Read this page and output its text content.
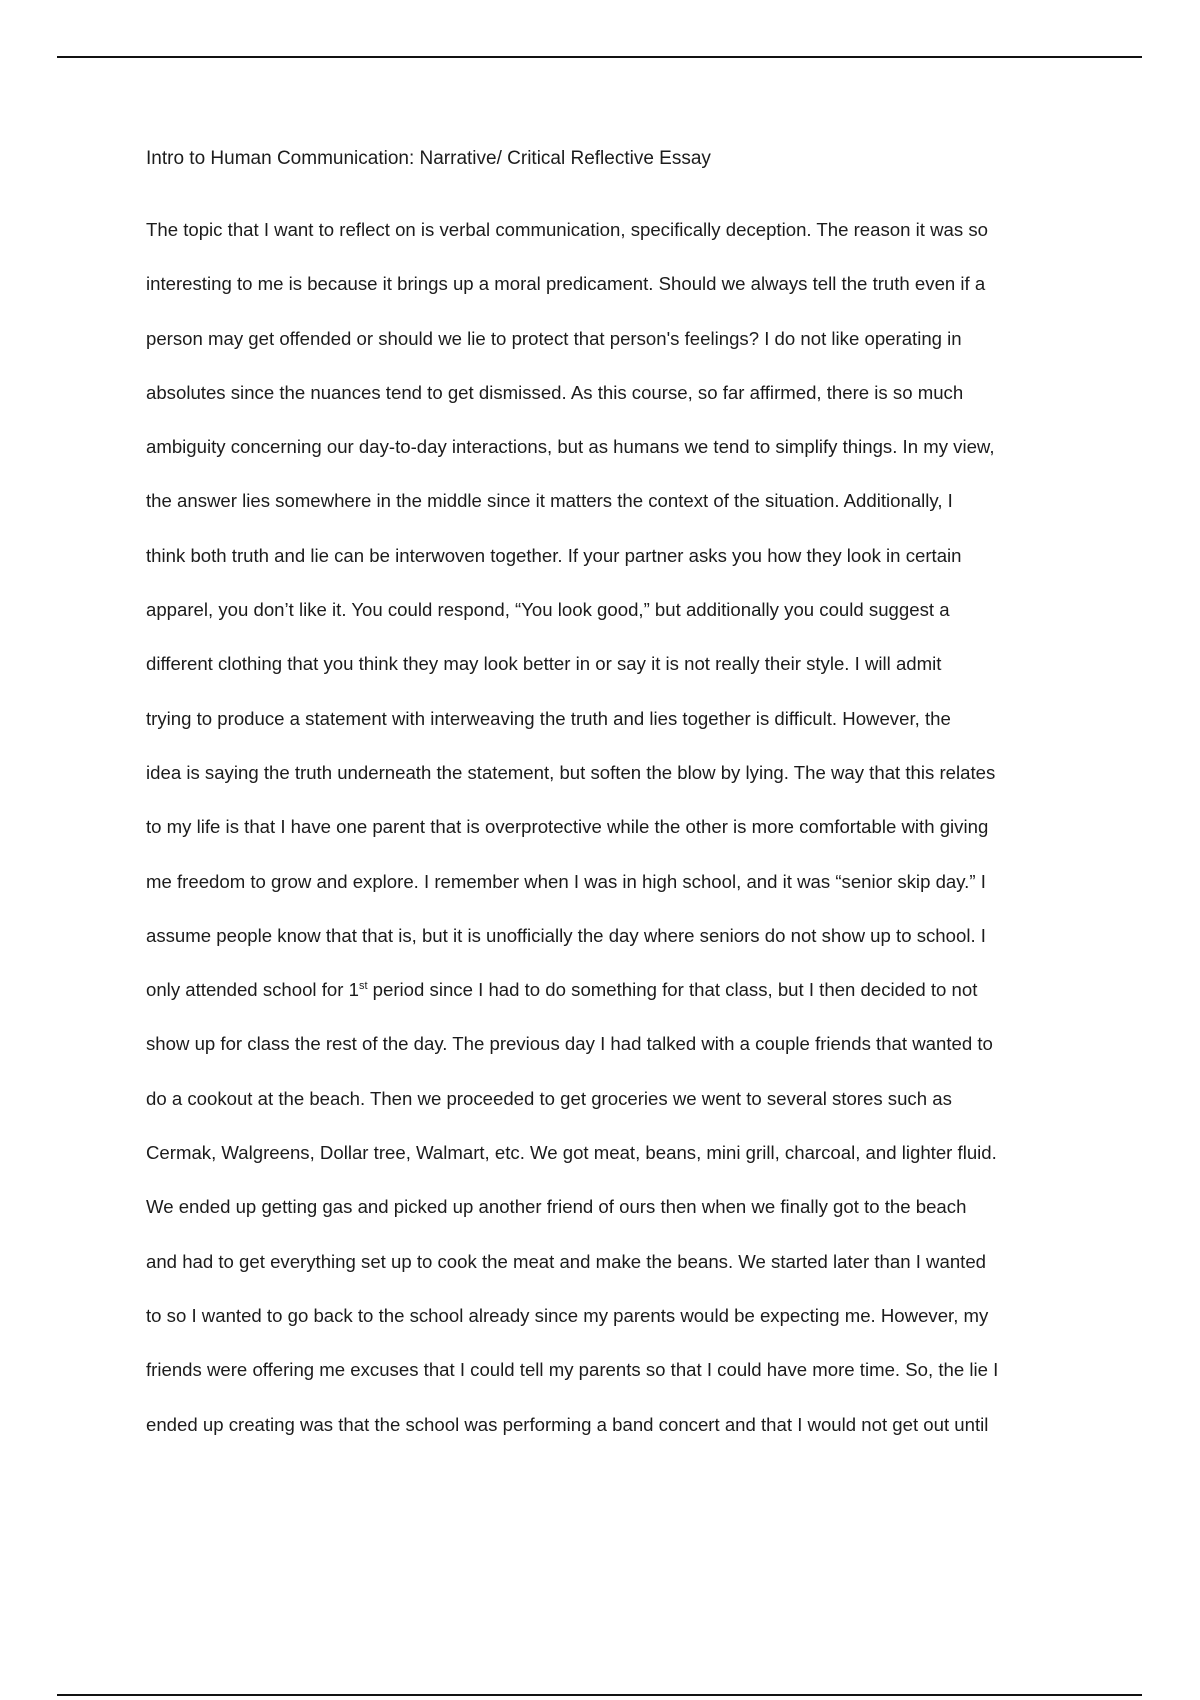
Intro to Human Communication: Narrative/ Critical Reflective Essay
The topic that I want to reflect on is verbal communication, specifically deception. The reason it was so
interesting to me is because it brings up a moral predicament. Should we always tell the truth even if a
person may get offended or should we lie to protect that person's feelings? I do not like operating in
absolutes since the nuances tend to get dismissed. As this course, so far affirmed, there is so much
ambiguity concerning our day-to-day interactions, but as humans we tend to simplify things. In my view,
the answer lies somewhere in the middle since it matters the context of the situation. Additionally, I
think both truth and lie can be interwoven together. If your partner asks you how they look in certain
apparel, you don’t like it. You could respond, “You look good,” but additionally you could suggest a
different clothing that you think they may look better in or say it is not really their style. I will admit
trying to produce a statement with interweaving the truth and lies together is difficult. However, the
idea is saying the truth underneath the statement, but soften the blow by lying. The way that this relates
to my life is that I have one parent that is overprotective while the other is more comfortable with giving
me freedom to grow and explore. I remember when I was in high school, and it was “senior skip day.” I
assume people know that that is, but it is unofficially the day where seniors do not show up to school. I
only attended school for 1st period since I had to do something for that class, but I then decided to not
show up for class the rest of the day. The previous day I had talked with a couple friends that wanted to
do a cookout at the beach. Then we proceeded to get groceries we went to several stores such as
Cermak, Walgreens, Dollar tree, Walmart, etc. We got meat, beans, mini grill, charcoal, and lighter fluid.
We ended up getting gas and picked up another friend of ours then when we finally got to the beach
and had to get everything set up to cook the meat and make the beans. We started later than I wanted
to so I wanted to go back to the school already since my parents would be expecting me. However, my
friends were offering me excuses that I could tell my parents so that I could have more time. So, the lie I
ended up creating was that the school was performing a band concert and that I would not get out until
